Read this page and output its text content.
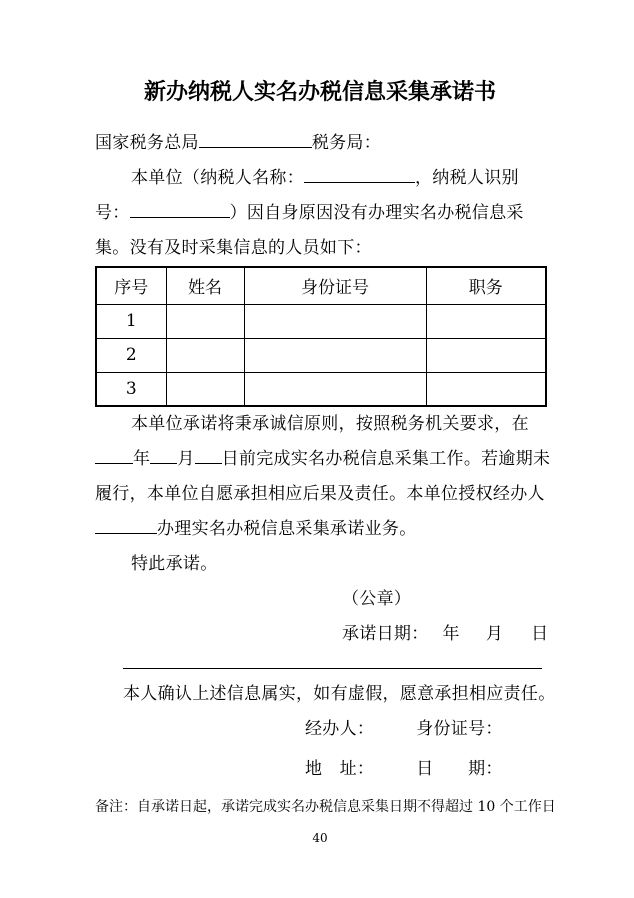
新办纳税人实名办税信息采集承诺书
国家税务总局	税务局：
本单位（纳税人名称：	，纳税人识别
号：	）因自身原因没有办理实名办税信息采
集。没有及时采集信息的人员如下：
序号	姓名	身份证号	职务
1			
2			
3			
本单位承诺将秉承诚信原则，按照税务机关要求，在
年 月 日前完成实名办税信息采集工作。若逾期未
履行，本单位自愿承担相应后果及责任。本单位授权经办人
办理实名办税信息采集承诺业务。
特此承诺。
（公章）
承诺日期： 年 月 日
本人确认上述信息属实，如有虚假，愿意承担相应责任。
经办人： 身份证号：
地　址： 日　　期：
备注：自承诺日起，承诺完成实名办税信息采集日期不得超过 10 个工作日
40
